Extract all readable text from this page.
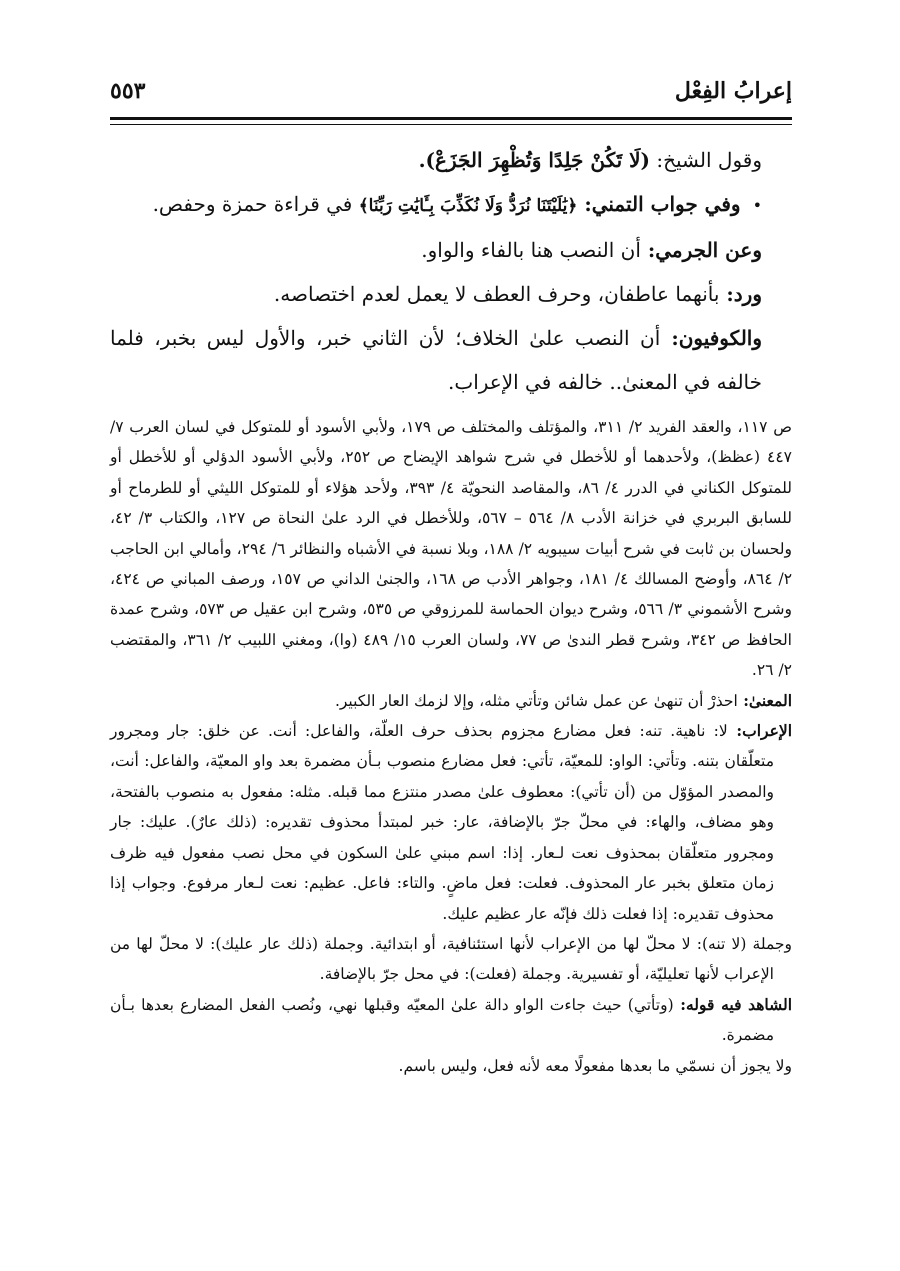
إعرابُ الفِعْل
٥٥٣

وقول الشيخ: (لَا تَكُنْ جَلِدًا وَتُظْهِرَ الجَزَعْ).

•وفي جواب التمني: ﴿يَٰلَيْتَنَا نُرَدُّ وَلَا نُكَذِّبَ بِـَٔايَٰتِ رَبِّنَا﴾ في قراءة حمزة وحفص.

وعن الجرمي: أن النصب هنا بالفاء والواو.

ورد: بأنهما عاطفان، وحرف العطف لا يعمل لعدم اختصاصه.

والكوفيون: أن النصب علىٰ الخلاف؛ لأن الثاني خبر، والأول ليس بخبر، فلما خالفه في المعنىٰ.. خالفه في الإعراب.

ص ١١٧، والعقد الفريد ٢/ ٣١١، والمؤتلف والمختلف ص ١٧٩، ولأبي الأسود أو للمتوكل في لسان العرب ٧/ ٤٤٧ (عظظ)، ولأحدهما أو للأخطل في شرح شواهد الإيضاح ص ٢٥٢، ولأبي الأسود الدؤلي أو للأخطل أو للمتوكل الكناني في الدرر ٤/ ٨٦، والمقاصد النحويّة ٤/ ٣٩٣، ولأحد هؤلاء أو للمتوكل الليثي أو للطرماح أو للسابق البربري في خزانة الأدب ٨/ ٥٦٤ – ٥٦٧، وللأخطل في الرد علىٰ النحاة ص ١٢٧، والكتاب ٣/ ٤٢، ولحسان بن ثابت في شرح أبيات سيبويه ٢/ ١٨٨، وبلا نسبة في الأشباه والنظائر ٦/ ٢٩٤، وأمالي ابن الحاجب ٢/ ٨٦٤، وأوضح المسالك ٤/ ١٨١، وجواهر الأدب ص ١٦٨، والجنىٰ الداني ص ١٥٧، ورصف المباني ص ٤٢٤، وشرح الأشموني ٣/ ٥٦٦، وشرح ديوان الحماسة للمرزوقي ص ٥٣٥، وشرح ابن عقيل ص ٥٧٣، وشرح عمدة الحافظ ص ٣٤٢، وشرح قطر الندىٰ ص ٧٧، ولسان العرب ١٥/ ٤٨٩ (وا)، ومغني اللبيب ٢/ ٣٦١، والمقتضب ٢/ ٢٦.

المعنىٰ: احذرْ أن تنهىٰ عن عمل شائن وتأتي مثله، وإلا لزمك العار الكبير.

الإعراب: لا: ناهية. تنه: فعل مضارع مجزوم بحذف حرف العلّة، والفاعل: أنت. عن خلق: جار ومجرور متعلّقان بتنه. وتأتي: الواو: للمعيّة، تأتي: فعل مضارع منصوب بـأن مضمرة بعد واو المعيّة، والفاعل: أنت، والمصدر المؤوّل من (أن تأتي): معطوف علىٰ مصدر منتزع مما قبله. مثله: مفعول به منصوب بالفتحة، وهو مضاف، والهاء: في محلّ جرّ بالإضافة، عار: خبر لمبتدأ محذوف تقديره: (ذلك عارٌ). عليك: جار ومجرور متعلّقان بمحذوف نعت لـعار. إذا: اسم مبني علىٰ السكون في محل نصب مفعول فيه ظرف زمان متعلق بخبر عار المحذوف. فعلت: فعل ماضٍ. والتاء: فاعل. عظيم: نعت لـعار مرفوع. وجواب إذا محذوف تقديره: إذا فعلت ذلك فإنّه عار عظيم عليك.

وجملة (لا تنه): لا محلّ لها من الإعراب لأنها استئنافية، أو ابتدائية. وجملة (ذلك عار عليك): لا محلّ لها من الإعراب لأنها تعليليّة، أو تفسيرية. وجملة (فعلت): في محل جرّ بالإضافة.

الشاهد فيه قوله: (وتأتي) حيث جاءت الواو دالة علىٰ المعيّه وقبلها نهي، ونُصب الفعل المضارع بعدها بـأن مضمرة.

ولا يجوز أن نسمّي ما بعدها مفعولًا معه لأنه فعل، وليس باسم.
